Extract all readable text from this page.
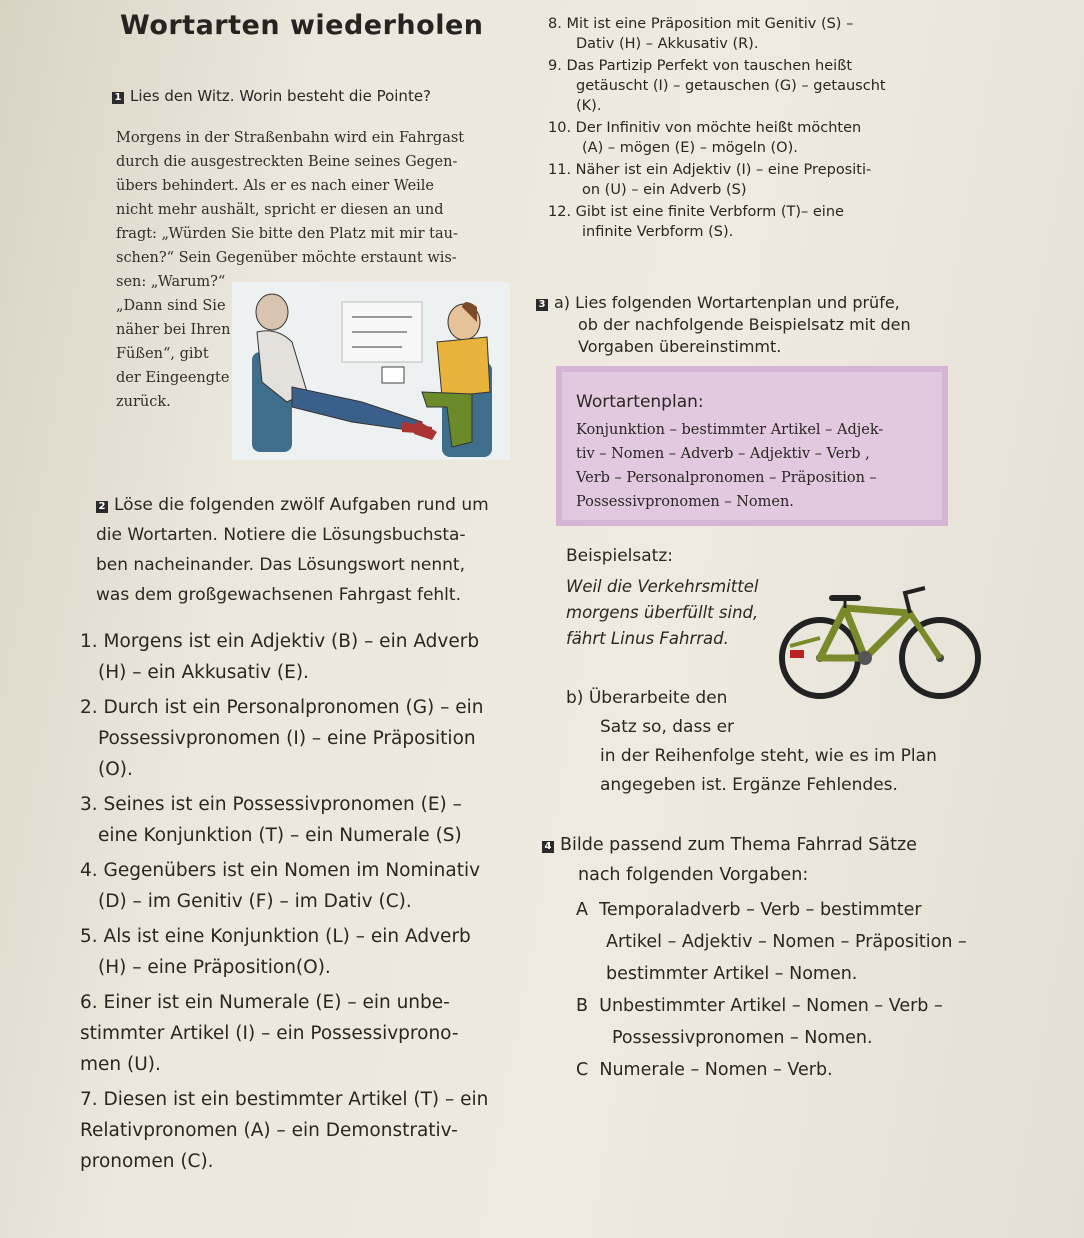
Wortarten wiederholen
1 Lies den Witz. Worin besteht die Pointe?
Morgens in der Straßenbahn wird ein Fahrgast
durch die ausgestreckten Beine seines Gegen-
übers behindert. Als er es nach einer Weile
nicht mehr aushält, spricht er diesen an und
fragt: „Würden Sie bitte den Platz mit mir tau-
schen?“ Sein Gegenüber möchte erstaunt wis-
sen: „Warum?“
„Dann sind Sie
näher bei Ihren
Füßen“, gibt
der Eingeengte
zurück.
2 Löse die folgenden zwölf Aufgaben rund um
die Wortarten. Notiere die Lösungsbuchsta-
ben nacheinander. Das Lösungswort nennt,
was dem großgewachsenen Fahrgast fehlt.
1. Morgens ist ein Adjektiv (B) – ein Adverb
(H) – ein Akkusativ (E).
2. Durch ist ein Personalpronomen (G) – ein
Possessivpronomen (I) – eine Präposition
(O).
3. Seines ist ein Possessivpronomen (E) –
eine Konjunktion (T) – ein Numerale (S)
4. Gegenübers ist ein Nomen im Nominativ
(D) – im Genitiv (F) – im Dativ (C).
5. Als ist eine Konjunktion (L) – ein Adverb
(H) – eine Präposition(O).
6. Einer ist ein Numerale (E) – ein unbe-
stimmter Artikel (I) – ein Possessivprono-
men (U).
7. Diesen ist ein bestimmter Artikel (T) – ein
Relativpronomen (A) – ein Demonstrativ-
pronomen (C).
8. Mit ist eine Präposition mit Genitiv (S) –
Dativ (H) – Akkusativ (R).
9. Das Partizip Perfekt von tauschen heißt
getäuscht (I) – getauschen (G) – getauscht
(K).
10. Der Infinitiv von möchte heißt möchten
(A) – mögen (E) – mögeln (O).
11. Näher ist ein Adjektiv (I) – eine Prepositi-
on (U) – ein Adverb (S)
12. Gibt ist eine finite Verbform (T)– eine
infinite Verbform (S).
3 a) Lies folgenden Wortartenplan und prüfe,
ob der nachfolgende Beispielsatz mit den
Vorgaben übereinstimmt.
Wortartenplan:
Konjunktion – bestimmter Artikel – Adjek-
tiv – Nomen – Adverb – Adjektiv – Verb ,
Verb – Personalpronomen – Präposition –
Possessivpronomen – Nomen.
Beispielsatz:
Weil die Verkehrsmittel
morgens überfüllt sind,
fährt Linus Fahrrad.
b) Überarbeite den
Satz so, dass er
in der Reihenfolge steht, wie es im Plan
angegeben ist. Ergänze Fehlendes.
4 Bilde passend zum Thema Fahrrad Sätze
nach folgenden Vorgaben:
A Temporaladverb – Verb – bestimmter
Artikel – Adjektiv – Nomen – Präposition –
bestimmter Artikel – Nomen.
B Unbestimmter Artikel – Nomen – Verb –
Possessivpronomen – Nomen.
C Numerale – Nomen – Verb.
